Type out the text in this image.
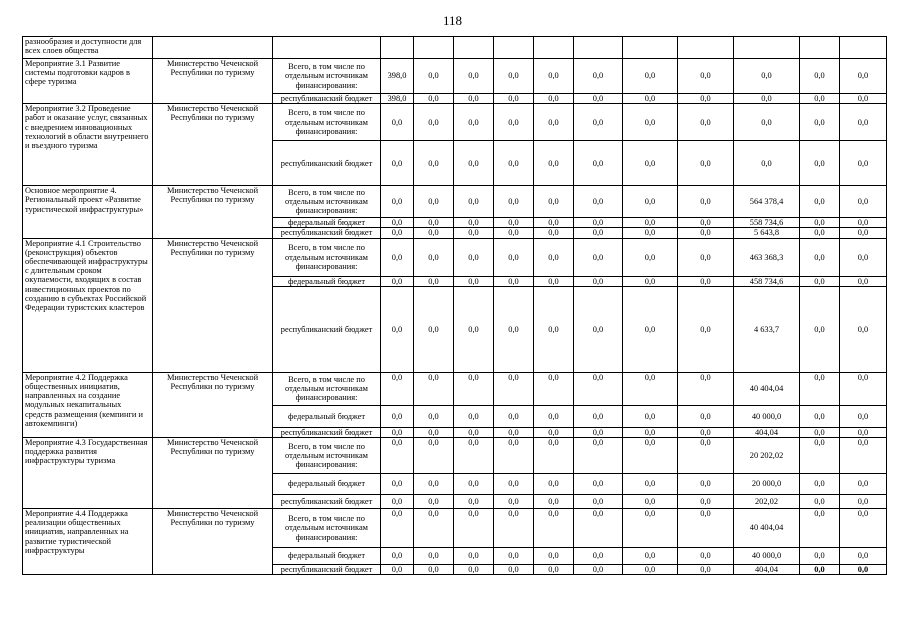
118
разнообразия и доступности для всех слоев общества													
Мероприятие 3.1 Развитие системы подготовки кадров в сфере туризма	Министерство Чеченской Республики по туризму	Всего, в том числе по отдельным источникам финансирования:	398,0	0,0	0,0	0,0	0,0	0,0	0,0	0,0	0,0	0,0	0,0
		республиканский бюджет	398,0	0,0	0,0	0,0	0,0	0,0	0,0	0,0	0,0	0,0	0,0
Мероприятие 3.2 Проведение работ и оказание услуг, связанных с внедрением инновационных технологий в области внутреннего и въездного туризма	Министерство Чеченской Республики по туризму	Всего, в том числе по отдельным источникам финансирования:	0,0	0,0	0,0	0,0	0,0	0,0	0,0	0,0	0,0	0,0	0,0
		республиканский бюджет	0,0	0,0	0,0	0,0	0,0	0,0	0,0	0,0	0,0	0,0	0,0
Основное мероприятие 4. Региональный проект «Развитие туристической инфраструктуры»	Министерство Чеченской Республики по туризму	Всего, в том числе по отдельным источникам финансирования:	0,0	0,0	0,0	0,0	0,0	0,0	0,0	0,0	564 378,4	0,0	0,0
		федеральный бюджет	0,0	0,0	0,0	0,0	0,0	0,0	0,0	0,0	558 734,6	0,0	0,0
		республиканский бюджет	0,0	0,0	0,0	0,0	0,0	0,0	0,0	0,0	5 643,8	0,0	0,0
Мероприятие 4.1 Строительство (реконструкция) объектов обеспечивающей инфраструктуры с длительным сроком окупаемости, входящих в состав инвестиционных проектов по созданию в субъектах Российской Федерации туристских кластеров	Министерство Чеченской Республики по туризму	Всего, в том числе по отдельным источникам финансирования:	0,0	0,0	0,0	0,0	0,0	0,0	0,0	0,0	463 368,3	0,0	0,0
		федеральный бюджет	0,0	0,0	0,0	0,0	0,0	0,0	0,0	0,0	458 734,6	0,0	0,0
		республиканский бюджет	0,0	0,0	0,0	0,0	0,0	0,0	0,0	0,0	4 633,7	0,0	0,0
Мероприятие 4.2 Поддержка общественных инициатив, направленных на создание модульных некапитальных средств размещения (кемпинги и автокемпинги)	Министерство Чеченской Республики по туризму	Всего, в том числе по отдельным источникам финансирования:	0,0	0,0	0,0	0,0	0,0	0,0	0,0	0,0	40 404,04	0,0	0,0
		федеральный бюджет	0,0	0,0	0,0	0,0	0,0	0,0	0,0	0,0	40 000,0	0,0	0,0
		республиканский бюджет	0,0	0,0	0,0	0,0	0,0	0,0	0,0	0,0	404,04	0,0	0,0
Мероприятие 4.3 Государственная поддержка развития инфраструктуры туризма	Министерство Чеченской Республики по туризму	Всего, в том числе по отдельным источникам финансирования:	0,0	0,0	0,0	0,0	0,0	0,0	0,0	0,0	20 202,02	0,0	0,0
		федеральный бюджет	0,0	0,0	0,0	0,0	0,0	0,0	0,0	0,0	20 000,0	0,0	0,0
		республиканский бюджет	0,0	0,0	0,0	0,0	0,0	0,0	0,0	0,0	202,02	0,0	0,0
Мероприятие 4.4 Поддержка реализации общественных инициатив, направленных на развитие туристической инфраструктуры	Министерство Чеченской Республики по туризму	Всего, в том числе по отдельным источникам финансирования:	0,0	0,0	0,0	0,0	0,0	0,0	0,0	0,0	40 404,04	0,0	0,0
		федеральный бюджет	0,0	0,0	0,0	0,0	0,0	0,0	0,0	0,0	40 000,0	0,0	0,0
		республиканский бюджет	0,0	0,0	0,0	0,0	0,0	0,0	0,0	0,0	404,04	0,0	0,0
